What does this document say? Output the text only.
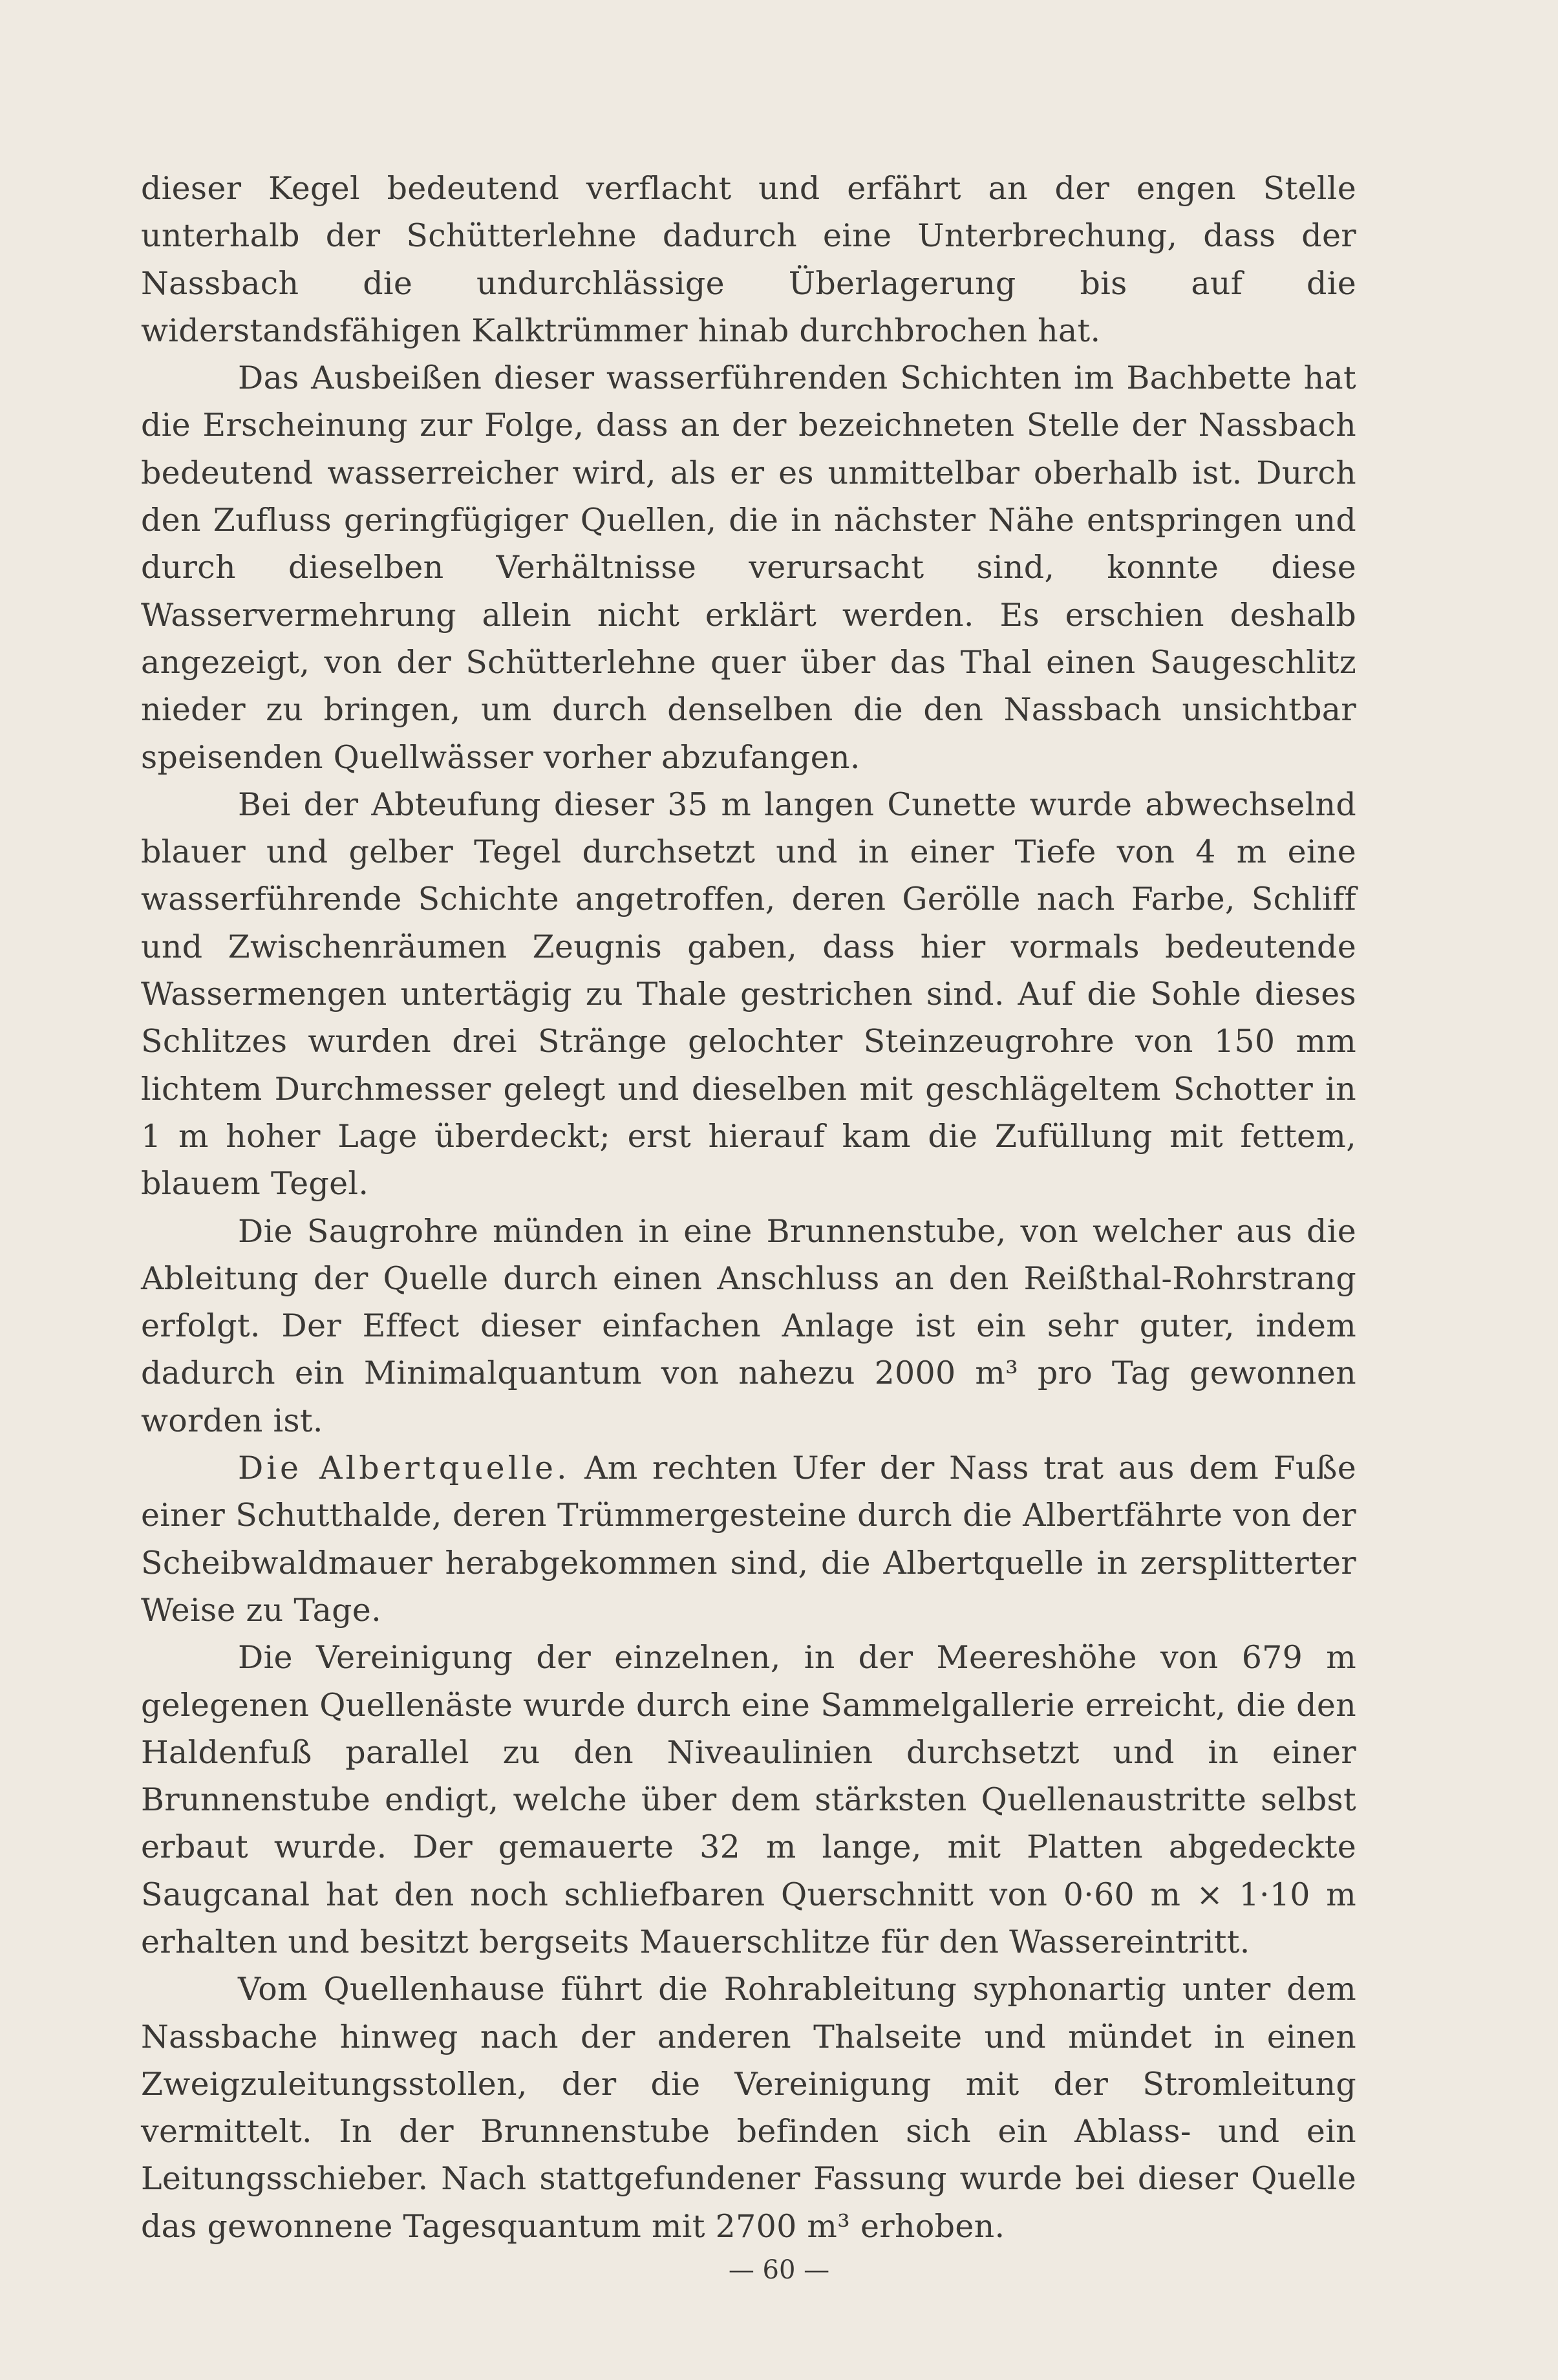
dieser Kegel bedeutend verflacht und erfährt an der engen Stelle unterhalb der Schütterlehne dadurch eine Unterbrechung, dass der Nassbach die undurchlässige Überlagerung bis auf die widerstandsfähigen Kalktrümmer hinab durchbrochen hat.

Das Ausbeißen dieser wasserführenden Schichten im Bachbette hat die Erscheinung zur Folge, dass an der bezeichneten Stelle der Nassbach bedeutend wasserreicher wird, als er es unmittelbar oberhalb ist. Durch den Zufluss geringfügiger Quellen, die in nächster Nähe entspringen und durch dieselben Verhältnisse verursacht sind, konnte diese Wasservermehrung allein nicht erklärt werden. Es erschien deshalb angezeigt, von der Schütterlehne quer über das Thal einen Saugeschlitz nieder zu bringen, um durch denselben die den Nassbach unsichtbar speisenden Quellwässer vorher abzufangen.

Bei der Abteufung dieser 35 m langen Cunette wurde abwechselnd blauer und gelber Tegel durchsetzt und in einer Tiefe von 4 m eine wasserführende Schichte angetroffen, deren Gerölle nach Farbe, Schliff und Zwischenräumen Zeugnis gaben, dass hier vormals bedeutende Wassermengen untertägig zu Thale gestrichen sind. Auf die Sohle dieses Schlitzes wurden drei Stränge gelochter Steinzeugrohre von 150 mm lichtem Durchmesser gelegt und dieselben mit geschlägeltem Schotter in 1 m hoher Lage überdeckt; erst hierauf kam die Zufüllung mit fettem, blauem Tegel.

Die Saugrohre münden in eine Brunnenstube, von welcher aus die Ableitung der Quelle durch einen Anschluss an den Reißthal-Rohrstrang erfolgt. Der Effect dieser einfachen Anlage ist ein sehr guter, indem dadurch ein Minimalquantum von nahezu 2000 m³ pro Tag gewonnen worden ist.

Die Albertquelle. Am rechten Ufer der Nass trat aus dem Fuße einer Schutthalde, deren Trümmergesteine durch die Albertfährte von der Scheibwaldmauer herabgekommen sind, die Albertquelle in zersplitterter Weise zu Tage.

Die Vereinigung der einzelnen, in der Meereshöhe von 679 m gelegenen Quellenäste wurde durch eine Sammelgallerie erreicht, die den Haldenfuß parallel zu den Niveaulinien durchsetzt und in einer Brunnenstube endigt, welche über dem stärksten Quellenaustritte selbst erbaut wurde. Der gemauerte 32 m lange, mit Platten abgedeckte Saugcanal hat den noch schliefbaren Querschnitt von 0·60 m × 1·10 m erhalten und besitzt bergseits Mauerschlitze für den Wassereintritt.

Vom Quellenhause führt die Rohrableitung syphonartig unter dem Nassbache hinweg nach der anderen Thalseite und mündet in einen Zweigzuleitungsstollen, der die Vereinigung mit der Stromleitung vermittelt. In der Brunnenstube befinden sich ein Ablass- und ein Leitungsschieber. Nach stattgefundener Fassung wurde bei dieser Quelle das gewonnene Tagesquantum mit 2700 m³ erhoben.

— 60 —
